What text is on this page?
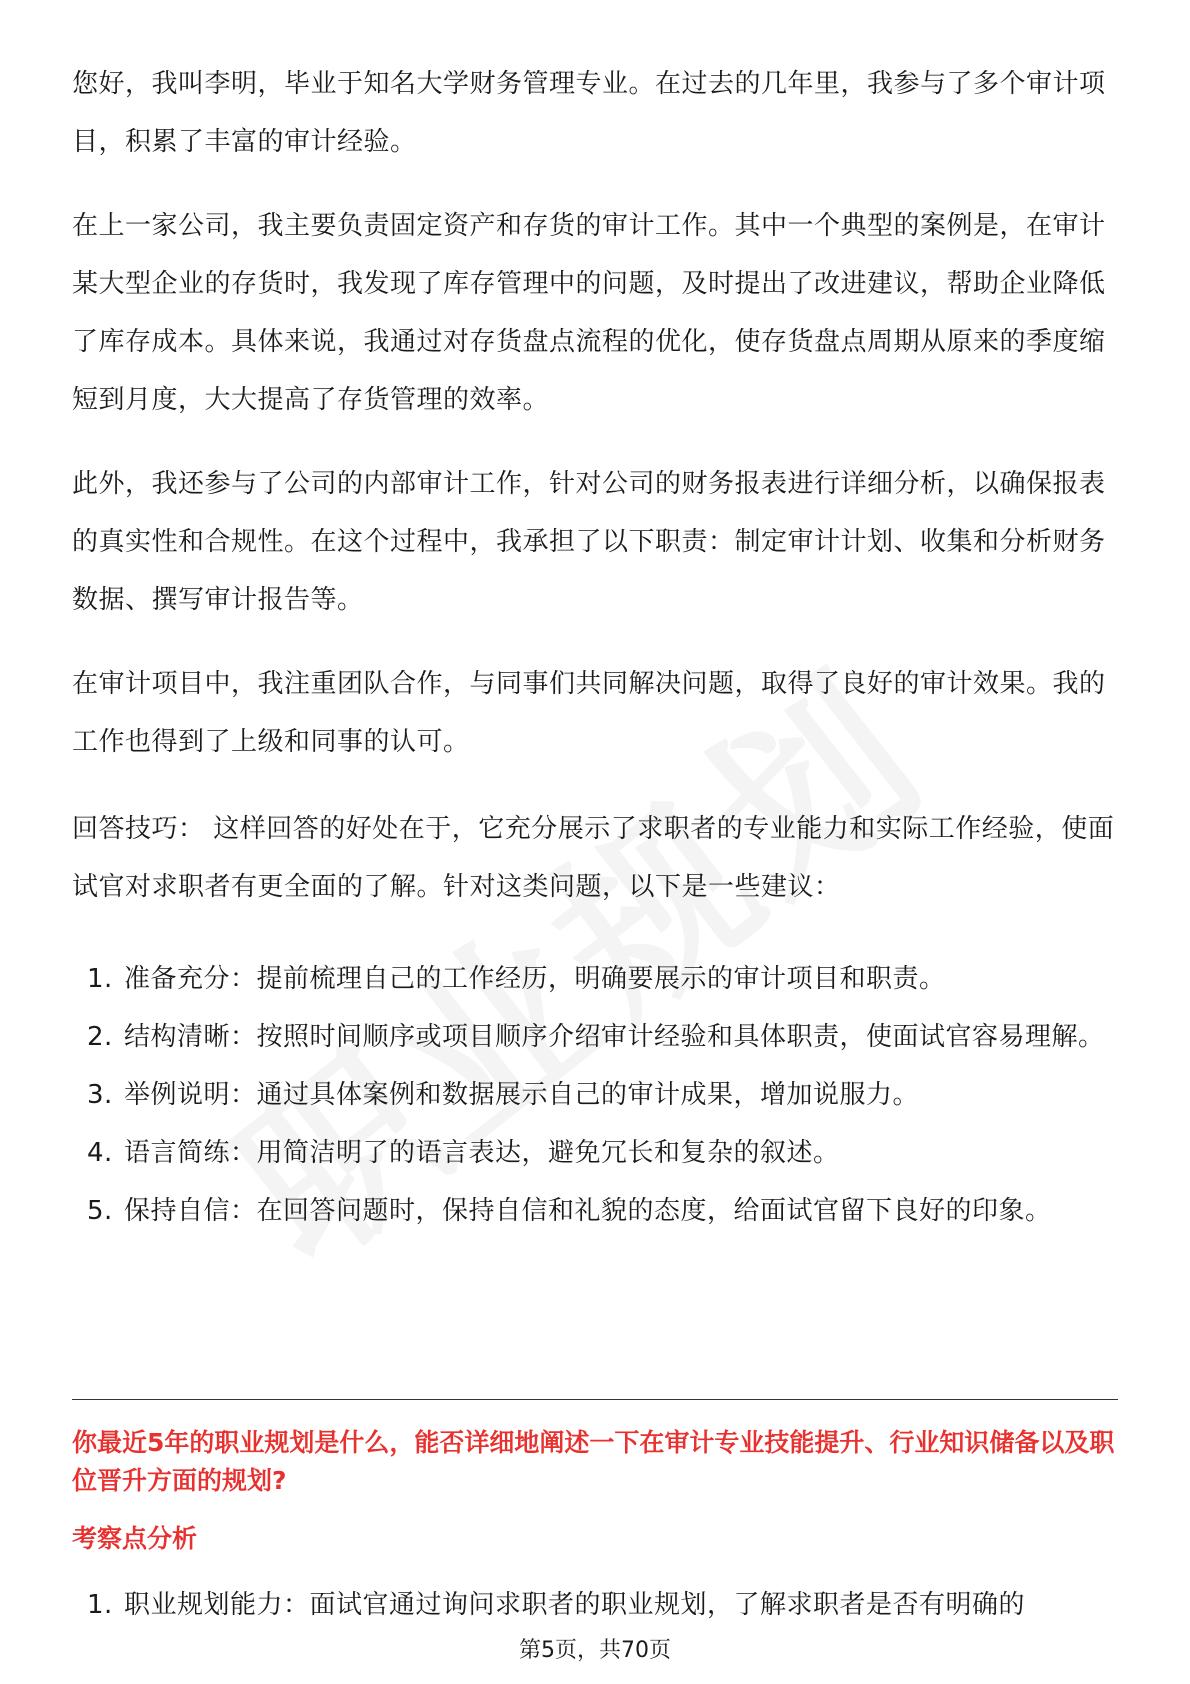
您好，我叫李明，毕业于知名大学财务管理专业。在过去的几年里，我参与了多个审计项目，积累了丰富的审计经验。

在上一家公司，我主要负责固定资产和存货的审计工作。其中一个典型的案例是，在审计某大型企业的存货时，我发现了库存管理中的问题，及时提出了改进建议，帮助企业降低了库存成本。具体来说，我通过对存货盘点流程的优化，使存货盘点周期从原来的季度缩短到月度，大大提高了存货管理的效率。

此外，我还参与了公司的内部审计工作，针对公司的财务报表进行详细分析，以确保报表的真实性和合规性。在这个过程中，我承担了以下职责：制定审计计划、收集和分析财务数据、撰写审计报告等。

在审计项目中，我注重团队合作，与同事们共同解决问题，取得了良好的审计效果。我的工作也得到了上级和同事的认可。

回答技巧： 这样回答的好处在于，它充分展示了求职者的专业能力和实际工作经验，使面试官对求职者有更全面的了解。针对这类问题，以下是一些建议：

1. 准备充分：提前梳理自己的工作经历，明确要展示的审计项目和职责。
2. 结构清晰：按照时间顺序或项目顺序介绍审计经验和具体职责，使面试官容易理解。
3. 举例说明：通过具体案例和数据展示自己的审计成果，增加说服力。
4. 语言简练：用简洁明了的语言表达，避免冗长和复杂的叙述。
5. 保持自信：在回答问题时，保持自信和礼貌的态度，给面试官留下良好的印象。

你最近5年的职业规划是什么，能否详细地阐述一下在审计专业技能提升、行业知识储备以及职位晋升方面的规划?

考察点分析

1. 职业规划能力：面试官通过询问求职者的职业规划，了解求职者是否有明确的
第5页，共70页
